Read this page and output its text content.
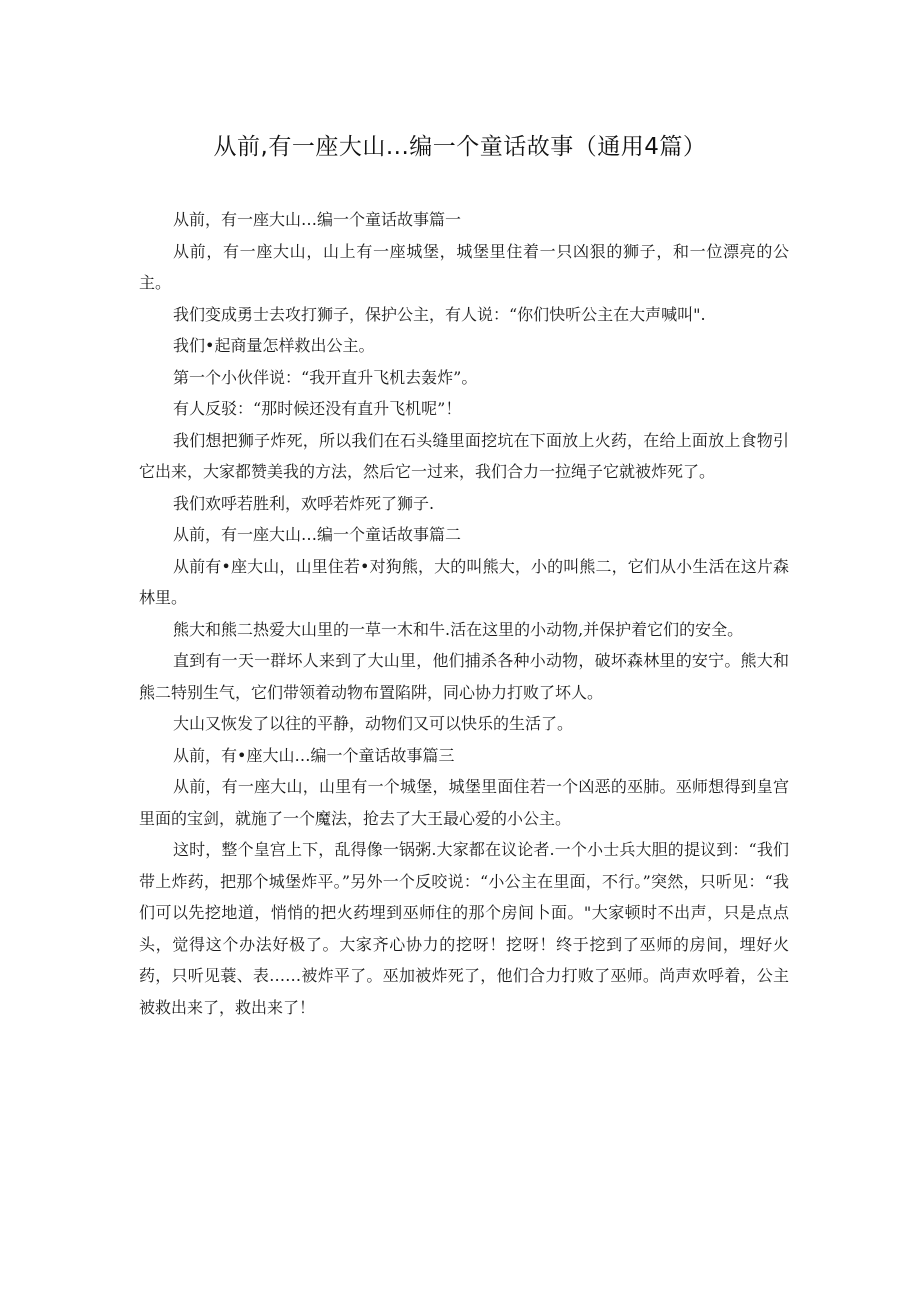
从前,有一座大山...编一个童话故事（通用4篇）

从前，有一座大山…编一个童话故事篇一

从前，有一座大山，山上有一座城堡，城堡里住着一只凶狠的狮子，和一位漂亮的公主。

我们变成勇士去攻打狮子，保护公主，有人说：“你们快听公主在大声喊叫".

我们•起商量怎样救出公主。

第一个小伙伴说：“我开直升飞机去轰炸”。

有人反驳：“那时候还没有直升飞机呢”！

我们想把狮子炸死，所以我们在石头缝里面挖坑在下面放上火药，在给上面放上食物引它出来，大家都赞美我的方法，然后它一过来，我们合力一拉绳子它就被炸死了。

我们欢呼若胜利，欢呼若炸死了狮子.

从前，有一座大山…编一个童话故事篇二

从前有•座大山，山里住若•对狗熊，大的叫熊大，小的叫熊二，它们从小生活在这片森林里。

熊大和熊二热爱大山里的一草一木和牛.活在这里的小动物,并保护着它们的安全。

直到有一天一群坏人来到了大山里，他们捕杀各种小动物，破坏森林里的安宁。熊大和熊二特别生气，它们带领着动物布置陷阱，同心协力打败了坏人。

大山又恢发了以往的平静，动物们又可以快乐的生活了。

从前，有•座大山…编一个童话故事篇三

从前，有一座大山，山里有一个城堡，城堡里面住若一个凶恶的巫肺。巫师想得到皇宫里面的宝剑，就施了一个魔法，抢去了大王最心爱的小公主。

这时，整个皇宫上下，乱得像一锅粥.大家都在议论者.一个小士兵大胆的提议到：“我们带上炸药，把那个城堡炸平。”另外一个反咬说：“小公主在里面，不行。”突然，只听见：“我们可以先挖地道，悄悄的把火药埋到巫师住的那个房间卜面。"大家顿时不出声，只是点点头，觉得这个办法好极了。大家齐心协力的挖呀！挖呀！终于挖到了巫师的房间，埋好火药，只听见蓑、表……被炸平了。巫加被炸死了，他们合力打败了巫师。尚声欢呼着，公主被救出来了，救出来了！
